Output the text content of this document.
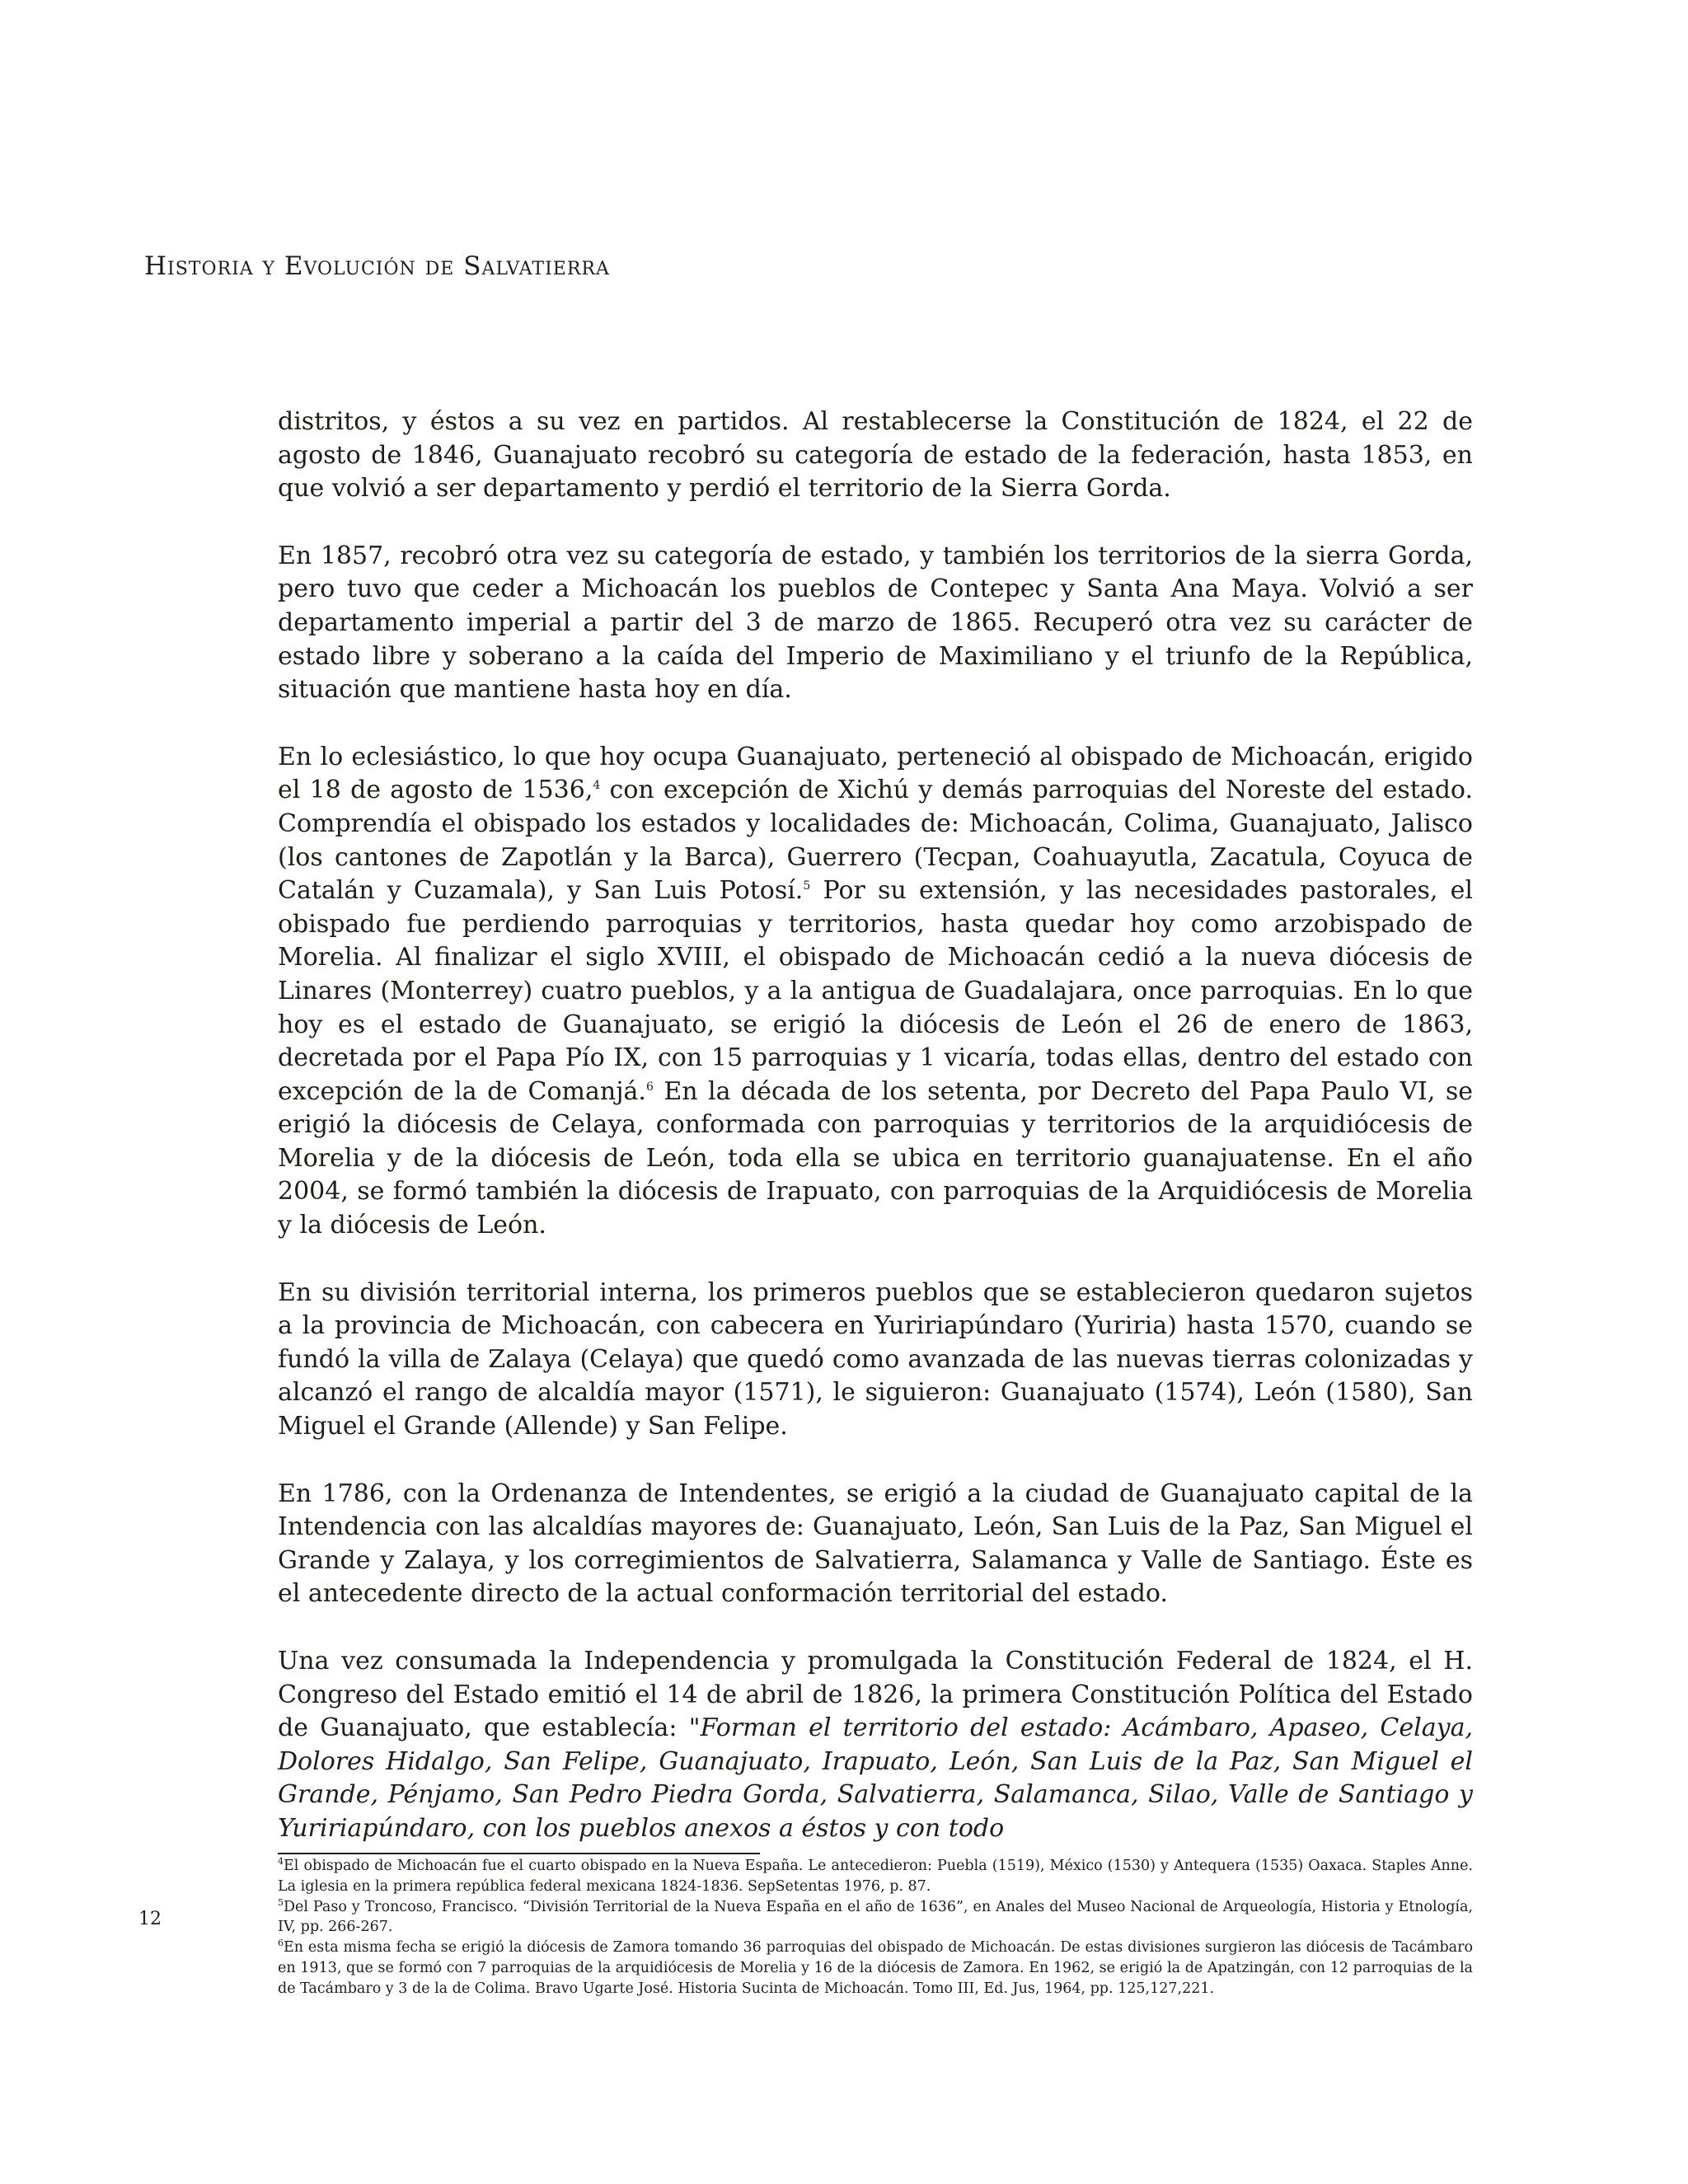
Historia y Evolución de Salvatierra

distritos, y éstos a su vez en partidos. Al restablecerse la Constitución de 1824, el 22 de agosto de 1846, Guanajuato recobró su categoría de estado de la federación, hasta 1853, en que volvió a ser departamento y perdió el territorio de la Sierra Gorda.

En 1857, recobró otra vez su categoría de estado, y también los territorios de la sierra Gorda, pero tuvo que ceder a Michoacán los pueblos de Contepec y Santa Ana Maya. Volvió a ser departamento imperial a partir del 3 de marzo de 1865. Recuperó otra vez su carácter de estado libre y soberano a la caída del Imperio de Maximiliano y el triunfo de la República, situación que mantiene hasta hoy en día.

En lo eclesiástico, lo que hoy ocupa Guanajuato, perteneció al obispado de Michoacán, erigido el 18 de agosto de 1536,$^4$ con excepción de Xichú y demás parroquias del Noreste del estado. Comprendía el obispado los estados y localidades de: Michoacán, Colima, Guanajuato, Jalisco (los cantones de Zapotlán y la Barca), Guerrero (Tecpan, Coahuayutla, Zacatula, Coyuca de Catalán y Cuzamala), y San Luis Potosí.$^5$ Por su extensión, y las necesidades pastorales, el obispado fue perdiendo parroquias y territorios, hasta quedar hoy como arzobispado de Morelia. Al finalizar el siglo XVIII, el obispado de Michoacán cedió a la nueva diócesis de Linares (Monterrey) cuatro pueblos, y a la antigua de Guadalajara, once parroquias. En lo que hoy es el estado de Guanajuato, se erigió la diócesis de León el 26 de enero de 1863, decretada por el Papa Pío IX, con 15 parroquias y 1 vicaría, todas ellas, dentro del estado con excepción de la de Comanjá.$^6$ En la década de los setenta, por Decreto del Papa Paulo VI, se erigió la diócesis de Celaya, conformada con parroquias y territorios de la arquidiócesis de Morelia y de la diócesis de León, toda ella se ubica en territorio guanajuatense. En el año 2004, se formó también la diócesis de Irapuato, con parroquias de la Arquidiócesis de Morelia y la diócesis de León.

En su división territorial interna, los primeros pueblos que se establecieron quedaron sujetos a la provincia de Michoacán, con cabecera en Yuririapúndaro (Yuriria) hasta 1570, cuando se fundó la villa de Zalaya (Celaya) que quedó como avanzada de las nuevas tierras colonizadas y alcanzó el rango de alcaldía mayor (1571), le siguieron: Guanajuato (1574), León (1580), San Miguel el Grande (Allende) y San Felipe.

En 1786, con la Ordenanza de Intendentes, se erigió a la ciudad de Guanajuato capital de la Intendencia con las alcaldías mayores de: Guanajuato, León, San Luis de la Paz, San Miguel el Grande y Zalaya, y los corregimientos de Salvatierra, Salamanca y Valle de Santiago. Éste es el antecedente directo de la actual conformación territorial del estado.

Una vez consumada la Independencia y promulgada la Constitución Federal de 1824, el H. Congreso del Estado emitió el 14 de abril de 1826, la primera Constitución Política del Estado de Guanajuato, que establecía: "Forman el territorio del estado: Acámbaro, Apaseo, Celaya, Dolores Hidalgo, San Felipe, Guanajuato, Irapuato, León, San Luis de la Paz, San Miguel el Grande, Pénjamo, San Pedro Piedra Gorda, Salvatierra, Salamanca, Silao, Valle de Santiago y Yuririapúndaro, con los pueblos anexos a éstos y con todo

$^4$El obispado de Michoacán fue el cuarto obispado en la Nueva España. Le antecedieron: Puebla (1519), México (1530) y Antequera (1535) Oaxaca. Staples Anne. La iglesia en la primera república federal mexicana 1824-1836. SepSetentas 1976, p. 87.

$^5$Del Paso y Troncoso, Francisco. “División Territorial de la Nueva España en el año de 1636”, en Anales del Museo Nacional de Arqueología, Historia y Etnología, IV, pp. 266-267.

$^6$En esta misma fecha se erigió la diócesis de Zamora tomando 36 parroquias del obispado de Michoacán. De estas divisiones surgieron las diócesis de Tacámbaro en 1913, que se formó con 7 parroquias de la arquidiócesis de Morelia y 16 de la diócesis de Zamora. En 1962, se erigió la de Apatzingán, con 12 parroquias de la de Tacámbaro y 3 de la de Colima. Bravo Ugarte José. Historia Sucinta de Michoacán. Tomo III, Ed. Jus, 1964, pp. 125,127,221.

12
